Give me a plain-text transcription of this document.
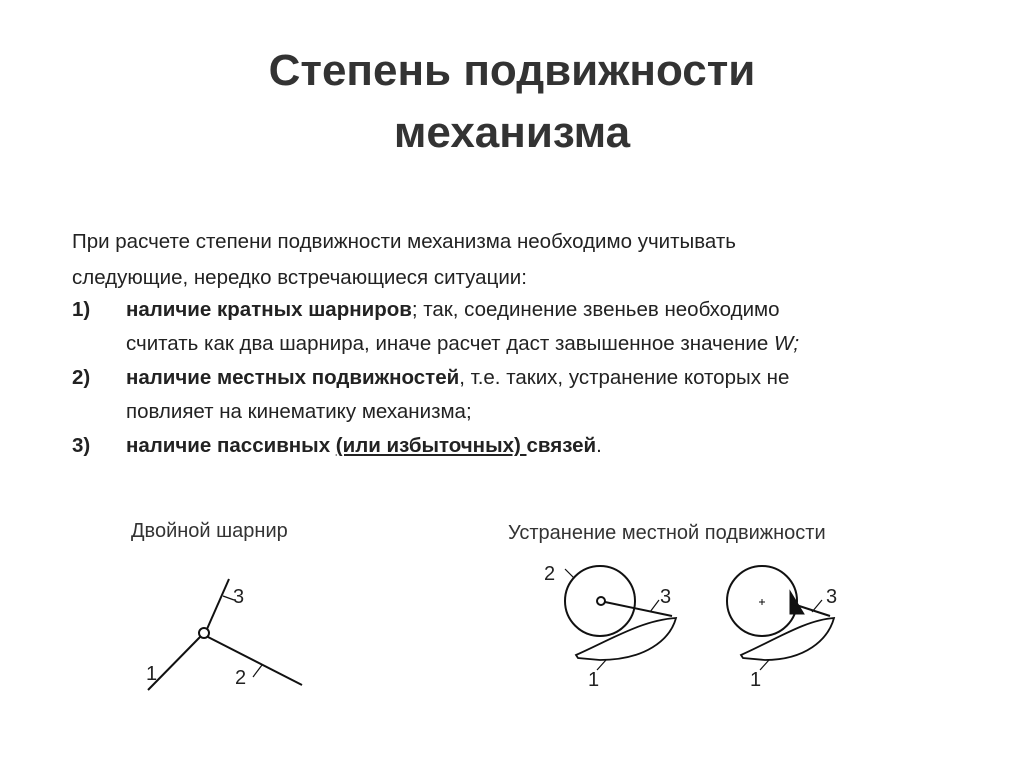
Степень подвижности
механизма
При расчете степени подвижности механизма необходимо учитывать
следующие, нередко встречающиеся ситуации:
1) наличие кратных шарниров; так, соединение звеньев необходимо
считать как два шарнира, иначе расчет даст завышенное значение W;
2) наличие местных подвижностей, т.е. таких, устранение которых не
повлияет на кинематику механизма;
3) наличие пассивных (или избыточных) связей.
Двойной шарнир	Устранение местной подвижности
1	2
3
2
3
1
3
1
